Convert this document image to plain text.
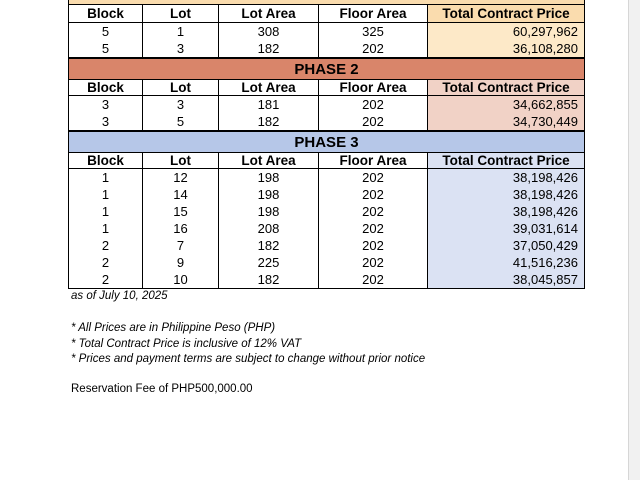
Block	Lot	Lot Area	Floor Area	Total Contract Price
5	1	308	325	60,297,962
5	3	182	202	36,108,280
PHASE 2
Block	Lot	Lot Area	Floor Area	Total Contract Price
3	3	181	202	34,662,855
3	5	182	202	34,730,449
PHASE 3
Block	Lot	Lot Area	Floor Area	Total Contract Price
1	12	198	202	38,198,426
1	14	198	202	38,198,426
1	15	198	202	38,198,426
1	16	208	202	39,031,614
2	7	182	202	37,050,429
2	9	225	202	41,516,236
2	10	182	202	38,045,857
as of July 10, 2025
* All Prices are in Philippine Peso (PHP)
* Total Contract Price is inclusive of 12% VAT
* Prices and payment terms are subject to change without prior notice
Reservation Fee of PHP500,000.00
